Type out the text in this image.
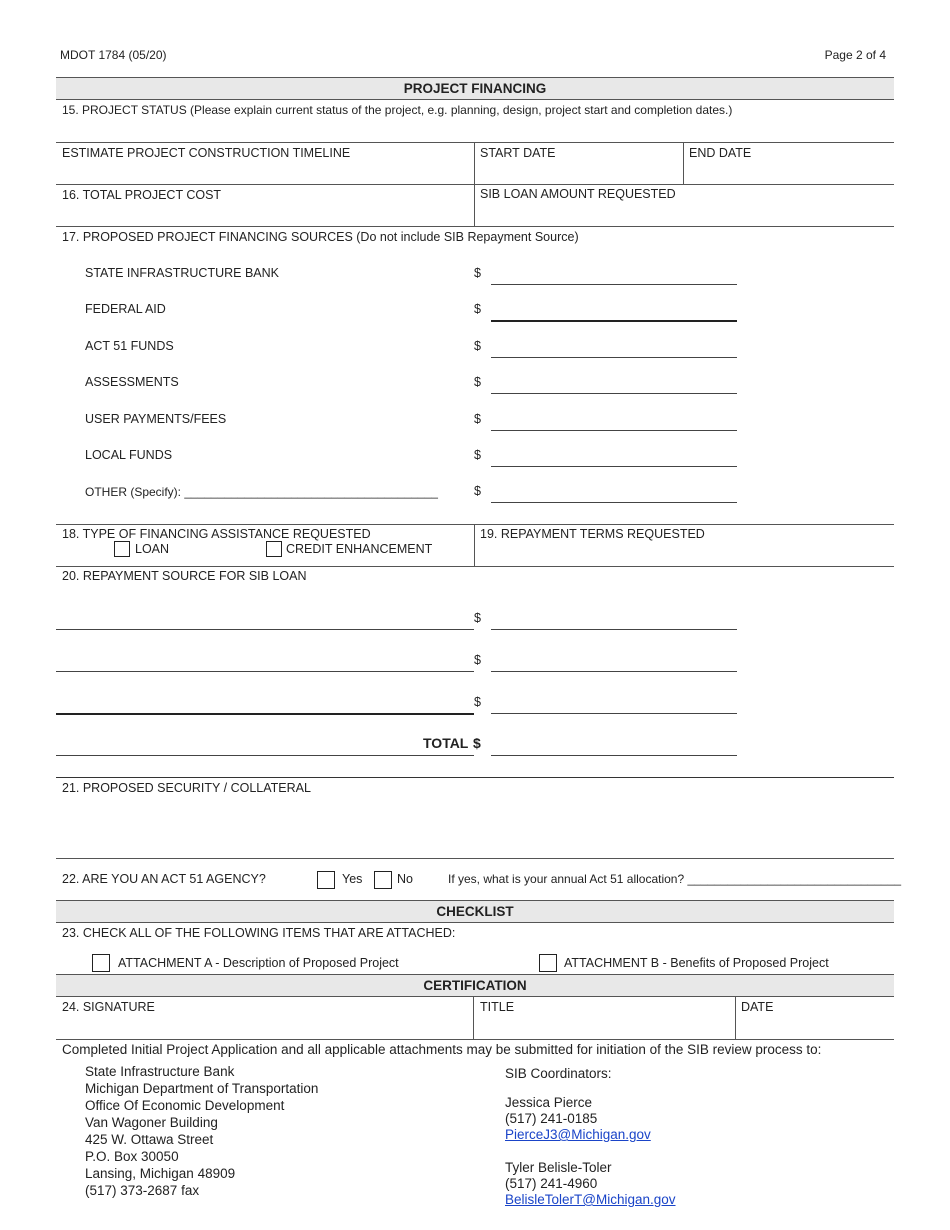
MDOT 1784 (05/20)	Page 2 of 4
PROJECT FINANCING
15. PROJECT STATUS (Please explain current status of the project, e.g. planning, design, project start and completion dates.)
ESTIMATE PROJECT CONSTRUCTION TIMELINE	START DATE	END DATE
16. TOTAL PROJECT COST	SIB LOAN AMOUNT REQUESTED
17. PROPOSED PROJECT FINANCING SOURCES (Do not include SIB Repayment Source)
STATE INFRASTRUCTURE BANK	$
FEDERAL AID	$
ACT 51 FUNDS	$
ASSESSMENTS	$
USER PAYMENTS/FEES	$
LOCAL FUNDS	$
OTHER (Specify): ______________________________________	$
18. TYPE OF FINANCING ASSISTANCE REQUESTED
LOAN	CREDIT ENHANCEMENT
19. REPAYMENT TERMS REQUESTED
20. REPAYMENT SOURCE FOR SIB LOAN
$
$
$
TOTAL $
21. PROPOSED SECURITY / COLLATERAL
22. ARE YOU AN ACT 51 AGENCY?	Yes	No	If yes, what is your annual Act 51 allocation? ________________________________
CHECKLIST
23. CHECK ALL OF THE FOLLOWING ITEMS THAT ARE ATTACHED:
ATTACHMENT A - Description of Proposed Project	ATTACHMENT B - Benefits of Proposed Project
CERTIFICATION
24. SIGNATURE	TITLE	DATE
Completed Initial Project Application and all applicable attachments may be submitted for initiation of the SIB review process to:
State Infrastructure Bank
Michigan Department of Transportation
Office Of Economic Development
Van Wagoner Building
425 W. Ottawa Street
P.O. Box 30050
Lansing, Michigan 48909
(517) 373-2687 fax
SIB Coordinators:
Jessica Pierce
(517) 241-0185
PierceJ3@Michigan.gov
Tyler Belisle-Toler
(517) 241-4960
BelisleTolerT@Michigan.gov
